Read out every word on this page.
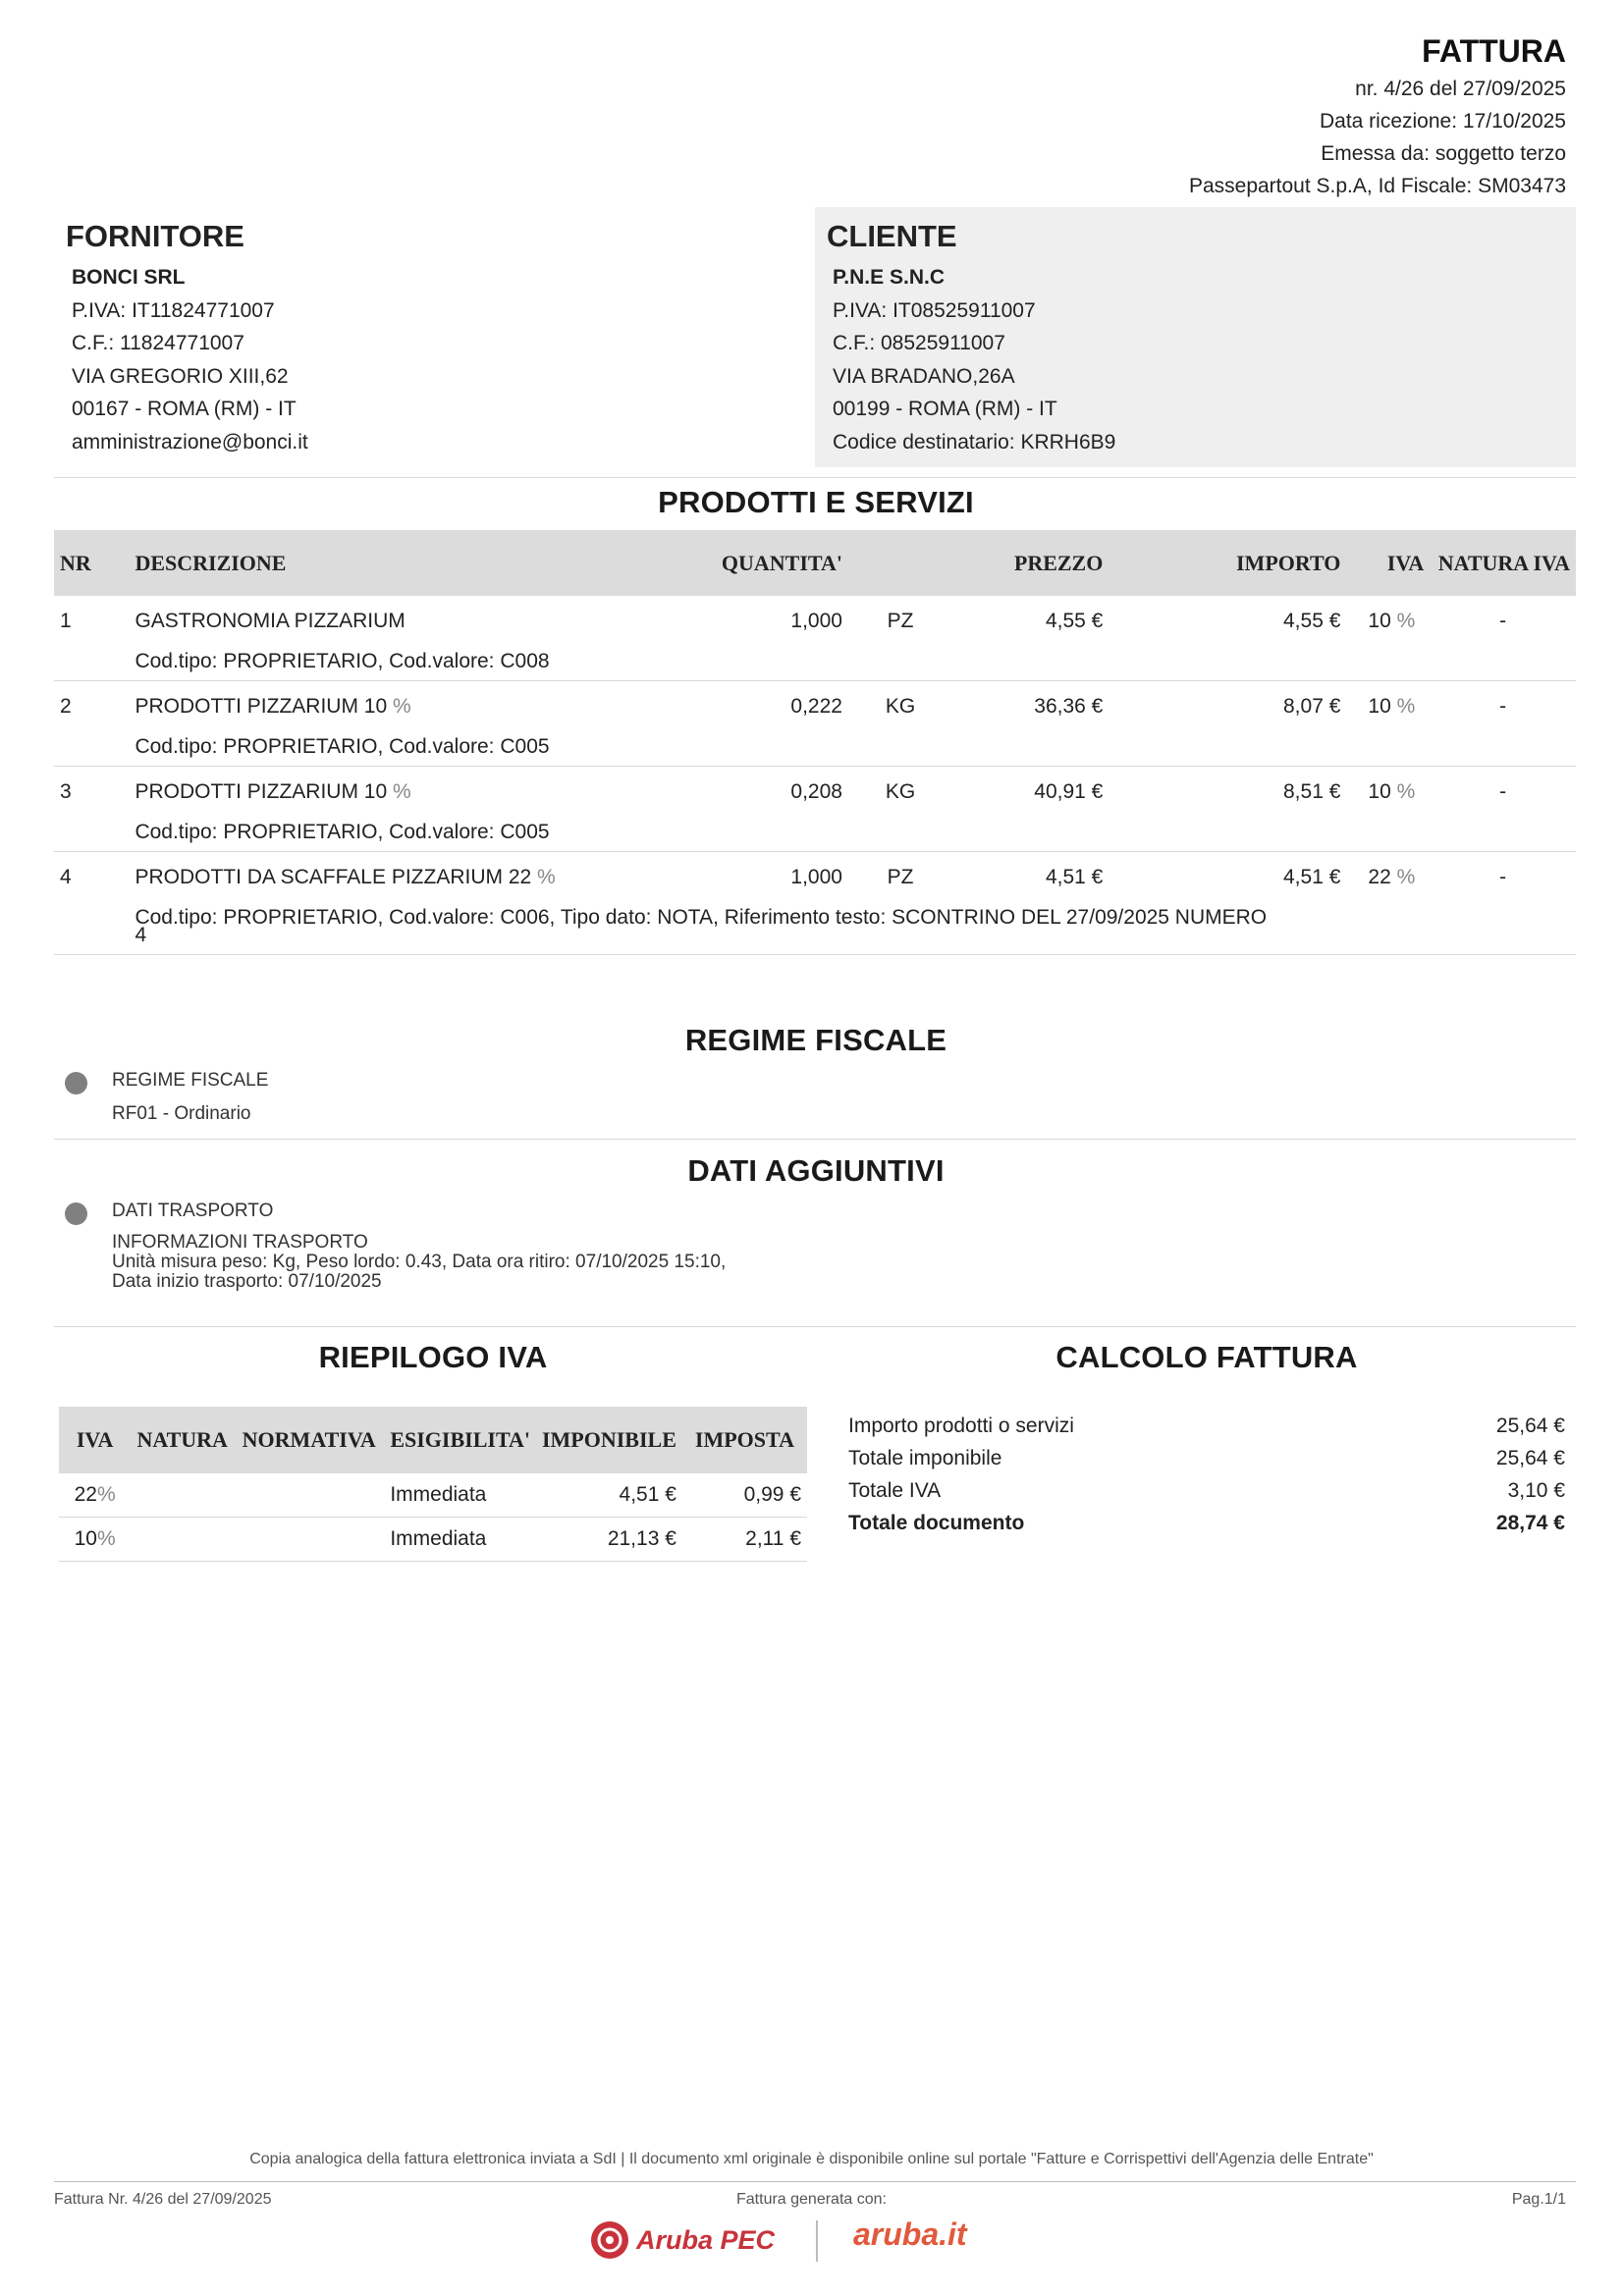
FATTURA
nr. 4/26 del 27/09/2025
Data ricezione: 17/10/2025
Emessa da: soggetto terzo
Passepartout S.p.A, Id Fiscale: SM03473
FORNITORE
BONCI SRL
P.IVA: IT11824771007
C.F.: 11824771007
VIA GREGORIO XIII,62
00167 - ROMA (RM) - IT
amministrazione@bonci.it
CLIENTE
P.N.E S.N.C
P.IVA: IT08525911007
C.F.: 08525911007
VIA BRADANO,26A
00199 - ROMA (RM) - IT
Codice destinatario: KRRH6B9
PRODOTTI E SERVIZI
NR	DESCRIZIONE	QUANTITA'		PREZZO	IMPORTO	IVA	NATURA IVA
1	GASTRONOMIA PIZZARIUM	1,000	PZ	4,55 €	4,55 €	10 %	-
	Cod.tipo: PROPRIETARIO, Cod.valore: C008						
2	PRODOTTI PIZZARIUM 10 %	0,222	KG	36,36 €	8,07 €	10 %	-
	Cod.tipo: PROPRIETARIO, Cod.valore: C005						
3	PRODOTTI PIZZARIUM 10 %	0,208	KG	40,91 €	8,51 €	10 %	-
	Cod.tipo: PROPRIETARIO, Cod.valore: C005						
4	PRODOTTI DA SCAFFALE PIZZARIUM 22 %	1,000	PZ	4,51 €	4,51 €	22 %	-

	Cod.tipo: PROPRIETARIO, Cod.valore: C006, Tipo dato: NOTA, Riferimento testo: SCONTRINO DEL 27/09/2025 NUMERO
4						

REGIME FISCALE
REGIME FISCALE
RF01 - Ordinario
DATI AGGIUNTIVI
DATI TRASPORTO
INFORMAZIONI TRASPORTO
Unità misura peso: Kg, Peso lordo: 0.43, Data ora ritiro: 07/10/2025 15:10,
Data inizio trasporto: 07/10/2025
RIEPILOGO IVA
IVA	NATURA	NORMATIVA	ESIGIBILITA'	IMPONIBILE	IMPOSTA
22%			Immediata	4,51 €	0,99 €
10%			Immediata	21,13 €	2,11 €
CALCOLO FATTURA
Importo prodotti o servizi	25,64 €
Totale imponibile	25,64 €
Totale IVA	3,10 €
Totale documento	28,74 €
Copia analogica della fattura elettronica inviata a SdI | Il documento xml originale è disponibile online sul portale "Fatture e Corrispettivi dell'Agenzia delle Entrate"
Fattura Nr. 4/26 del 27/09/2025	Fattura generata con:	Pag.1/1
Aruba PEC aruba.it
